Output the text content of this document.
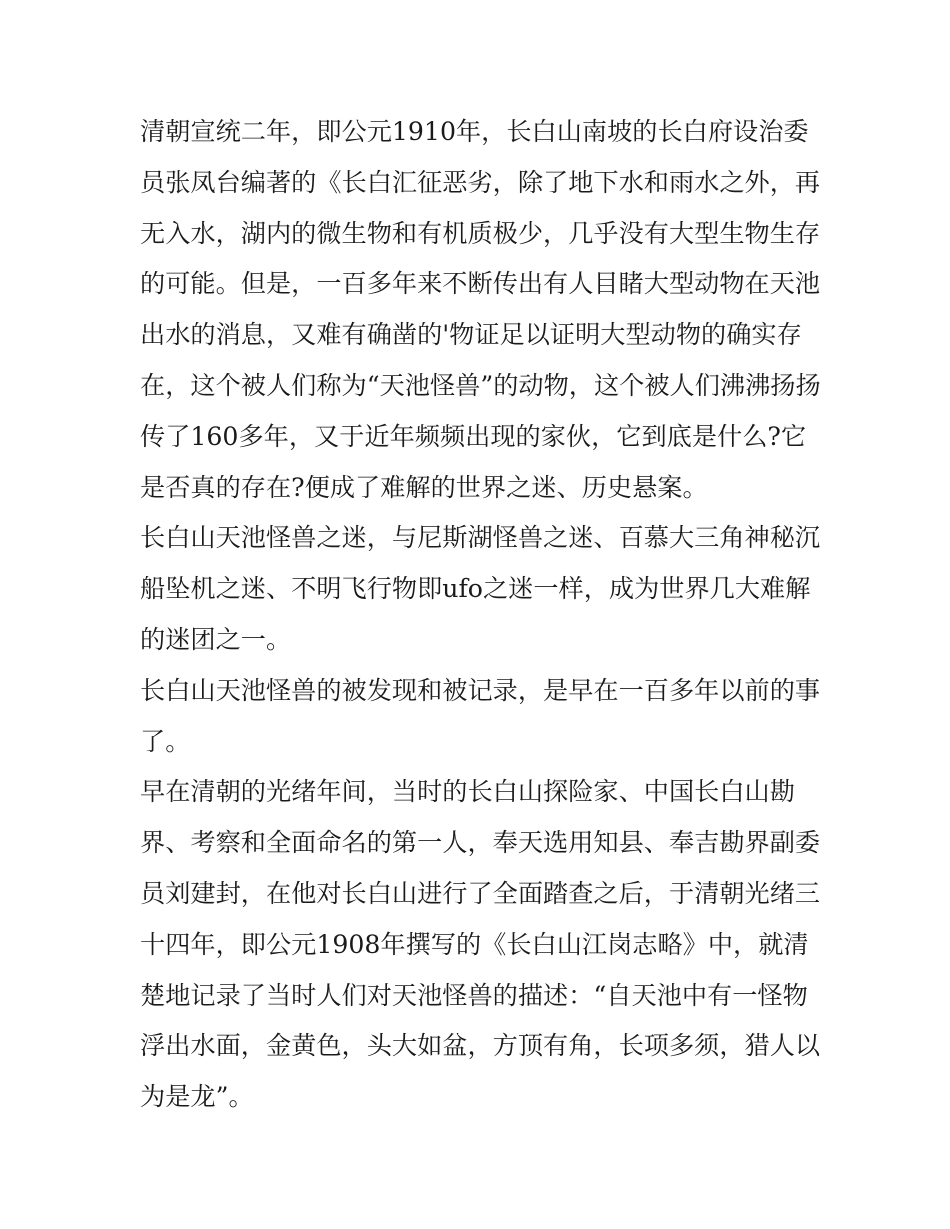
清朝宣统二年，即公元1910年，长白山南坡的长白府设治委
员张凤台编著的《长白汇征恶劣，除了地下水和雨水之外，再
无入水，湖内的微生物和有机质极少，几乎没有大型生物生存
的可能。但是，一百多年来不断传出有人目睹大型动物在天池
出水的消息，又难有确凿的'物证足以证明大型动物的确实存
在，这个被人们称为“天池怪兽”的动物，这个被人们沸沸扬扬
传了160多年，又于近年频频出现的家伙，它到底是什么?它
是否真的存在?便成了难解的世界之迷、历史悬案。
长白山天池怪兽之迷，与尼斯湖怪兽之迷、百慕大三角神秘沉
船坠机之迷、不明飞行物即ufo之迷一样，成为世界几大难解
的迷团之一。
长白山天池怪兽的被发现和被记录，是早在一百多年以前的事
了。
早在清朝的光绪年间，当时的长白山探险家、中国长白山勘
界、考察和全面命名的第一人，奉天选用知县、奉吉勘界副委
员刘建封，在他对长白山进行了全面踏查之后，于清朝光绪三
十四年，即公元1908年撰写的《长白山江岗志略》中，就清
楚地记录了当时人们对天池怪兽的描述：“自天池中有一怪物
浮出水面，金黄色，头大如盆，方顶有角，长项多须，猎人以
为是龙”。
